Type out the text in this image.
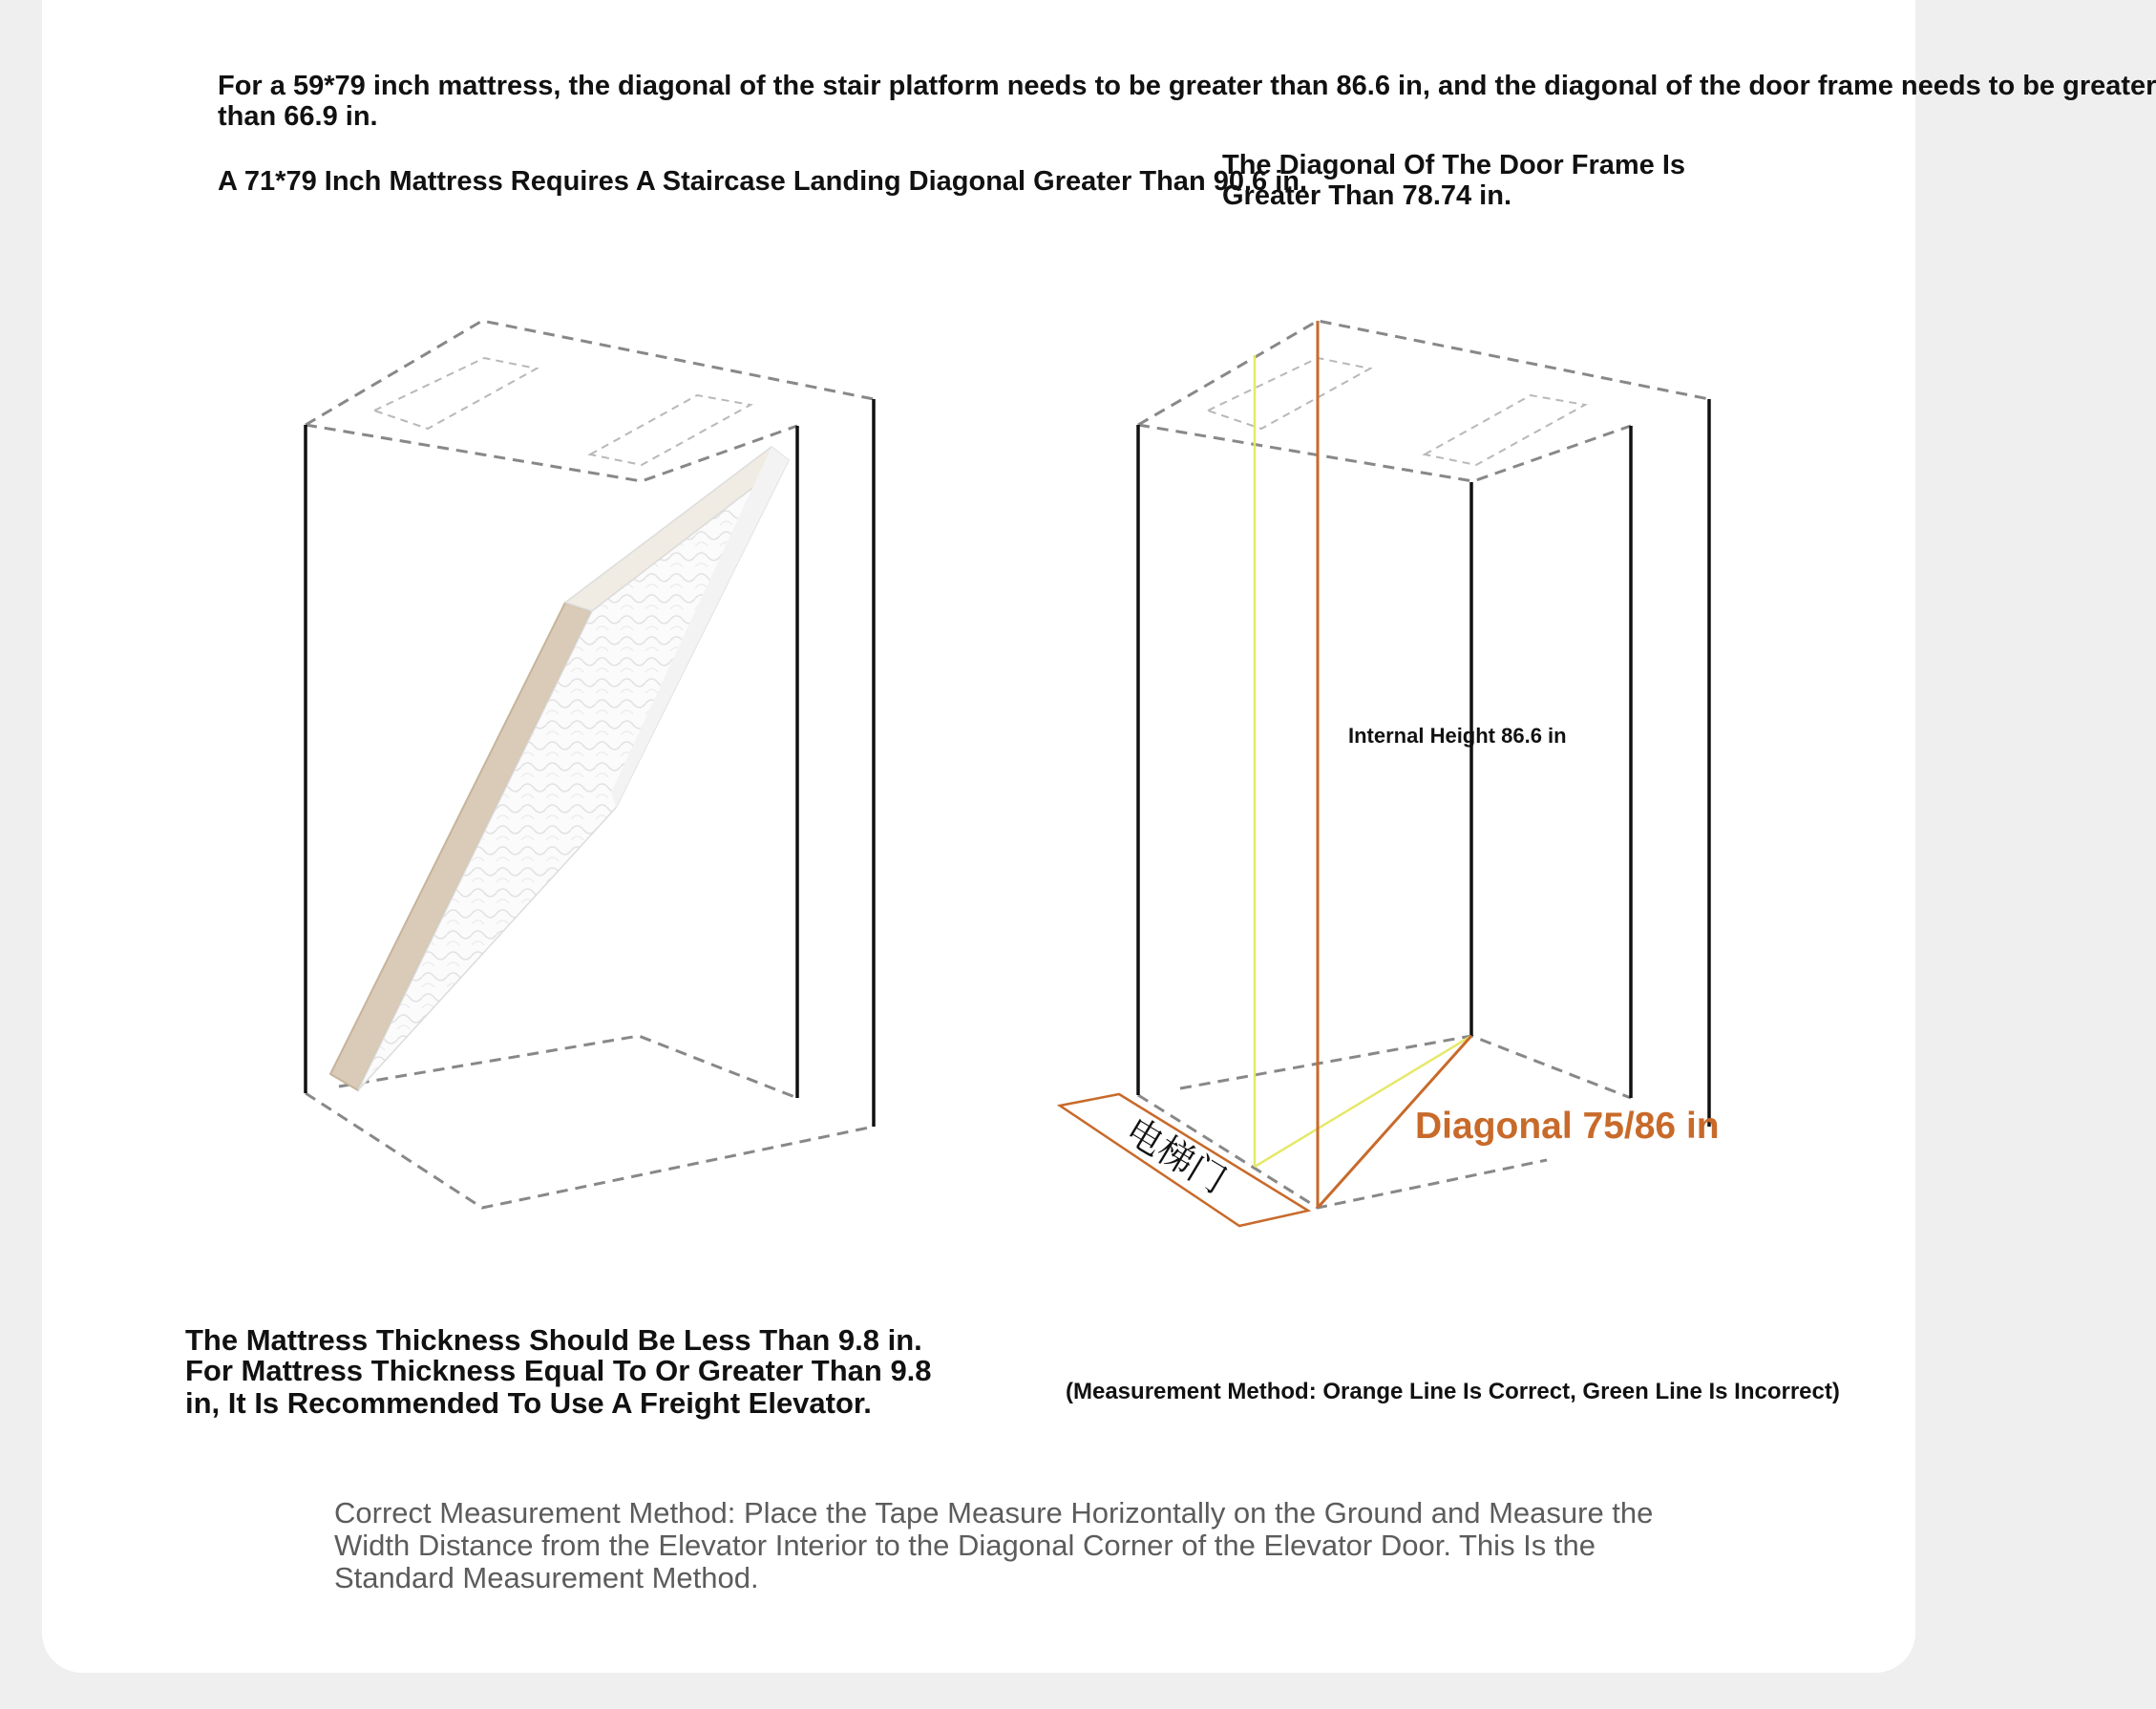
For a 59*79 inch mattress, the diagonal of the stair platform needs to be greater than 86.6 in, and the diagonal of the door frame needs to be greater
than 66.9 in.

A 71*79 Inch Mattress Requires A Staircase Landing Diagonal Greater Than 90.6 in.

The Diagonal Of The Door Frame Is
Greater Than 78.74 in.

电梯门
Internal Height 86.6 in
Diagonal 75/86 in

The Mattress Thickness Should Be Less Than 9.8 in.
For Mattress Thickness Equal To Or Greater Than 9.8
in, It Is Recommended To Use A Freight Elevator.	(Measurement Method: Orange Line Is Correct, Green Line Is Incorrect)

Correct Measurement Method: Place the Tape Measure Horizontally on the Ground and Measure the
Width Distance from the Elevator Interior to the Diagonal Corner of the Elevator Door. This Is the
Standard Measurement Method.
